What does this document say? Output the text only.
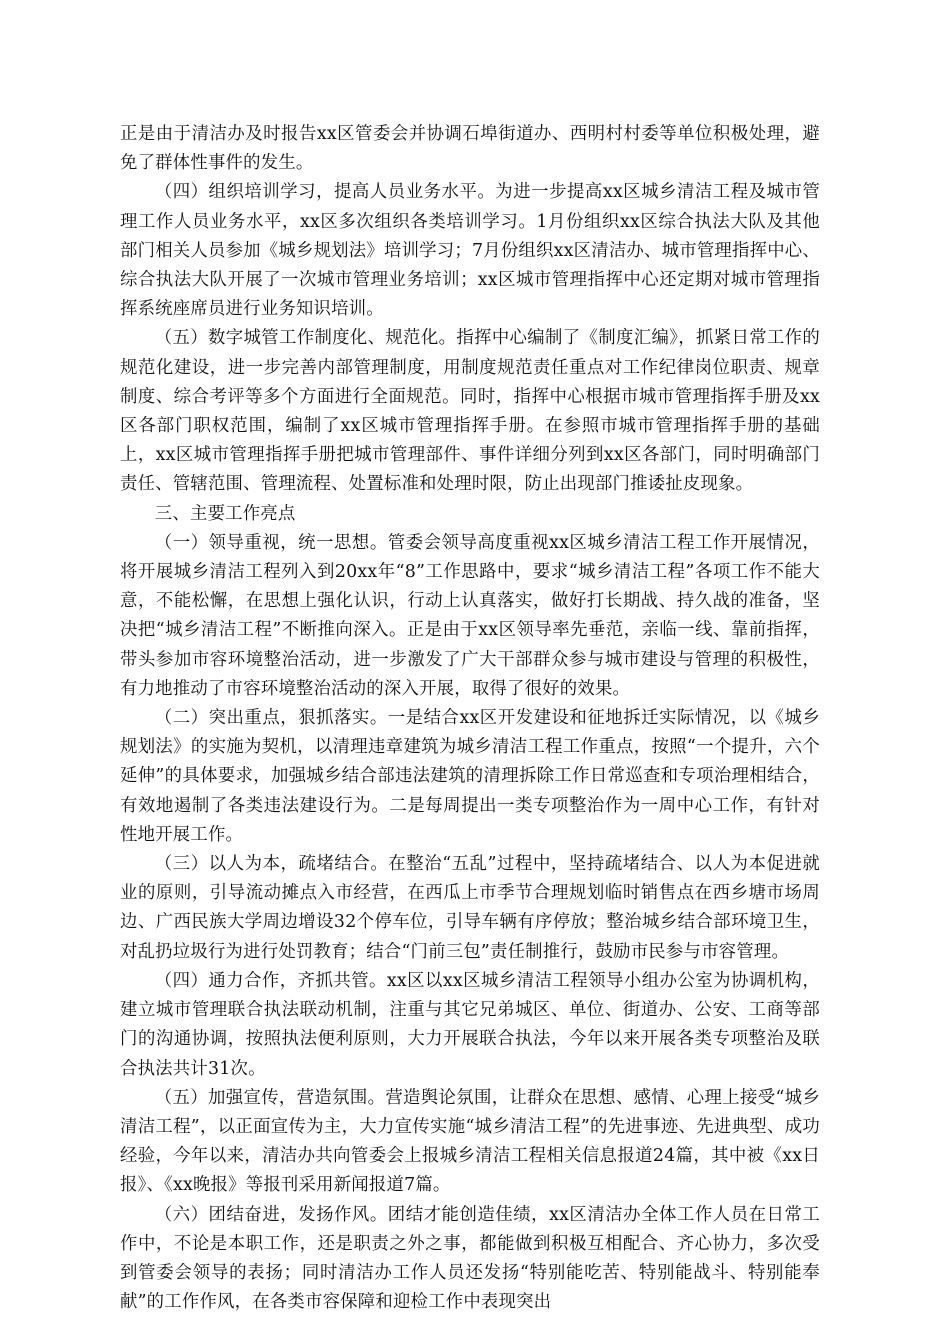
正是由于清洁办及时报告xx区管委会并协调石埠街道办、西明村村委等单位积极处理，避免了群体性事件的发生。

（四）组织培训学习，提高人员业务水平。为进一步提高xx区城乡清洁工程及城市管理工作人员业务水平，xx区多次组织各类培训学习。1月份组织xx区综合执法大队及其他部门相关人员参加《城乡规划法》培训学习；7月份组织xx区清洁办、城市管理指挥中心、综合执法大队开展了一次城市管理业务培训；xx区城市管理指挥中心还定期对城市管理指挥系统座席员进行业务知识培训。

（五）数字城管工作制度化、规范化。指挥中心编制了《制度汇编》，抓紧日常工作的规范化建设，进一步完善内部管理制度，用制度规范责任重点对工作纪律岗位职责、规章制度、综合考评等多个方面进行全面规范。同时，指挥中心根据市城市管理指挥手册及xx区各部门职权范围，编制了xx区城市管理指挥手册。在参照市城市管理指挥手册的基础上，xx区城市管理指挥手册把城市管理部件、事件详细分列到xx区各部门，同时明确部门责任、管辖范围、管理流程、处置标准和处理时限，防止出现部门推诿扯皮现象。

三、主要工作亮点

（一）领导重视，统一思想。管委会领导高度重视xx区城乡清洁工程工作开展情况，将开展城乡清洁工程列入到20xx年“8”工作思路中，要求“城乡清洁工程”各项工作不能大意，不能松懈，在思想上强化认识，行动上认真落实，做好打长期战、持久战的准备，坚决把“城乡清洁工程”不断推向深入。正是由于xx区领导率先垂范，亲临一线、靠前指挥，带头参加市容环境整治活动，进一步激发了广大干部群众参与城市建设与管理的积极性，有力地推动了市容环境整治活动的深入开展，取得了很好的效果。

（二）突出重点，狠抓落实。一是结合xx区开发建设和征地拆迁实际情况，以《城乡规划法》的实施为契机，以清理违章建筑为城乡清洁工程工作重点，按照“一个提升，六个延伸”的具体要求，加强城乡结合部违法建筑的清理拆除工作日常巡查和专项治理相结合，有效地遏制了各类违法建设行为。二是每周提出一类专项整治作为一周中心工作，有针对性地开展工作。

（三）以人为本，疏堵结合。在整治“五乱”过程中，坚持疏堵结合、以人为本促进就业的原则，引导流动摊点入市经营，在西瓜上市季节合理规划临时销售点在西乡塘市场周边、广西民族大学周边增设32个停车位，引导车辆有序停放；整治城乡结合部环境卫生，对乱扔垃圾行为进行处罚教育；结合“门前三包”责任制推行，鼓励市民参与市容管理。

（四）通力合作，齐抓共管。xx区以xx区城乡清洁工程领导小组办公室为协调机构，建立城市管理联合执法联动机制，注重与其它兄弟城区、单位、街道办、公安、工商等部门的沟通协调，按照执法便利原则，大力开展联合执法，今年以来开展各类专项整治及联合执法共计31次。

（五）加强宣传，营造氛围。营造舆论氛围，让群众在思想、感情、心理上接受“城乡清洁工程”，以正面宣传为主，大力宣传实施“城乡清洁工程”的先进事迹、先进典型、成功经验，今年以来，清洁办共向管委会上报城乡清洁工程相关信息报道24篇，其中被《xx日报》、《xx晚报》等报刊采用新闻报道7篇。

（六）团结奋进，发扬作风。团结才能创造佳绩，xx区清洁办全体工作人员在日常工作中，不论是本职工作，还是职责之外之事，都能做到积极互相配合、齐心协力，多次受到管委会领导的表扬；同时清洁办工作人员还发扬“特别能吃苦、特别能战斗、特别能奉献”的工作作风，在各类市容保障和迎检工作中表现突出
